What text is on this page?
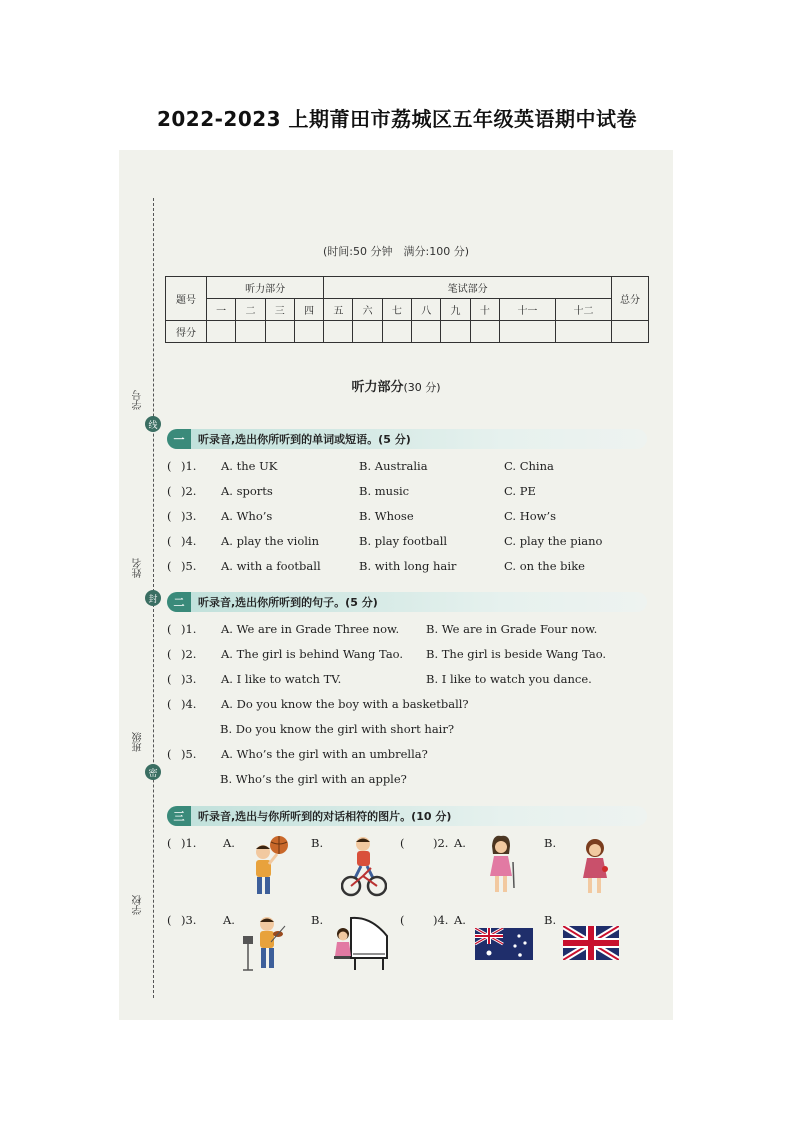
2022-2023 上期莆田市荔城区五年级英语期中试卷
学号
线
姓名
封
班级
密
学校
(时间:50 分钟　满分:100 分)
题号	听力部分				笔试部分								总分
	一	二	三	四	五	六	七	八	九	十	十一	十二	
得分													
听力部分(30 分)
一	听录音,选出你所听到的单词或短语。(5 分)
( )1. A. the UK	B. Australia	C. China
( )2. A. sports	B. music	C. PE
( )3. A. Who’s	B. Whose	C. How’s
( )4. A. play the violin	B. play football	C. play the piano
( )5. A. with a football	B. with long hair	C. on the bike
二	听录音,选出你所听到的句子。(5 分)
( )1. A. We are in Grade Three now. B. We are in Grade Four now.
( )2. A. The girl is behind Wang Tao. B. The girl is beside Wang Tao.
( )3. A. I like to watch TV.	B. I like to watch you dance.
( )4. A. Do you know the boy with a basketball?
B. Do you know the girl with short hair?
( )5. A. Who’s the girl with an umbrella?
B. Who’s the girl with an apple?
三	听录音,选出与你所听到的对话相符的图片。(10 分)
( )1. A.	B.	( )2. A.	B.
( )3. A.	B.	( )4. A.	B.
